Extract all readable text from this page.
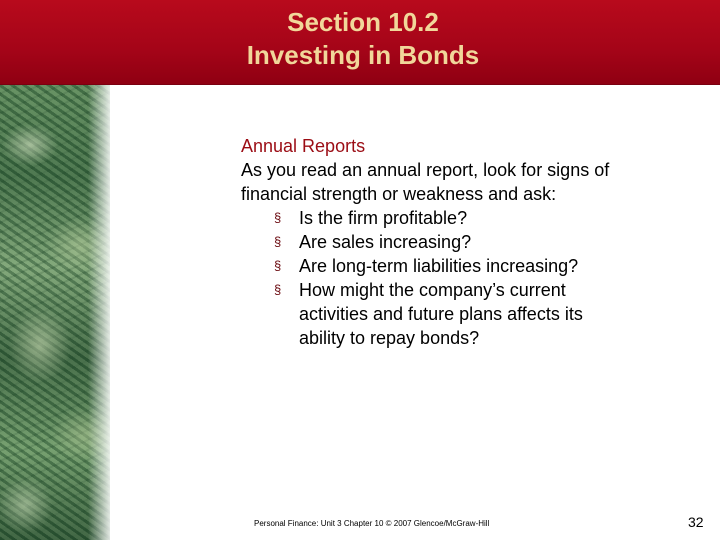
Section 10.2
Investing in Bonds
Annual Reports
As you read an annual report, look for signs of
financial strength or weakness and ask:
§ Is the firm profitable?
§ Are sales increasing?
§ Are long-term liabilities increasing?
§ How might the company’s current
activities and future plans affects its
ability to repay bonds?
Personal Finance: Unit 3 Chapter 10 © 2007 Glencoe/McGraw-Hill	32
